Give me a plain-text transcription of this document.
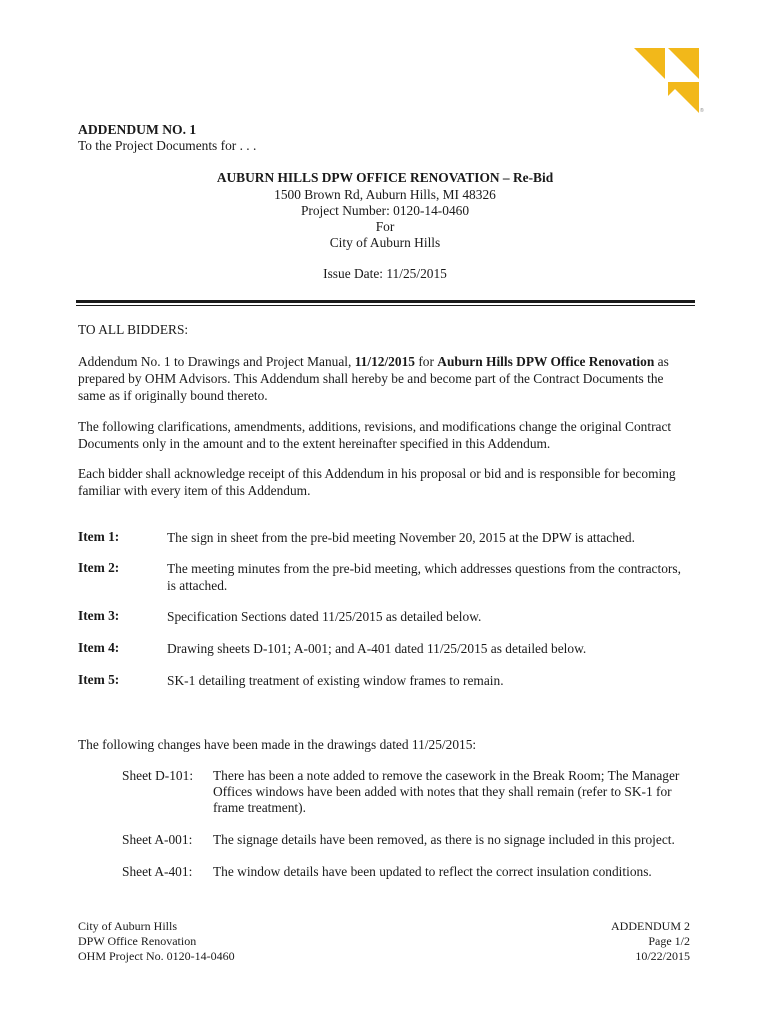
®
ADDENDUM NO. 1
To the Project Documents for . . .
AUBURN HILLS DPW OFFICE RENOVATION – Re-Bid
1500 Brown Rd, Auburn Hills, MI 48326
Project Number: 0120-14-0460
For
City of Auburn Hills
Issue Date: 11/25/2015
TO ALL BIDDERS:
Addendum No. 1 to Drawings and Project Manual, 11/12/2015 for Auburn Hills DPW Office Renovation as prepared by OHM Advisors. This Addendum shall hereby be and become part of the Contract Documents the same as if originally bound thereto.
The following clarifications, amendments, additions, revisions, and modifications change the original Contract Documents only in the amount and to the extent hereinafter specified in this Addendum.
Each bidder shall acknowledge receipt of this Addendum in his proposal or bid and is responsible for becoming familiar with every item of this Addendum.
Item 1:	The sign in sheet from the pre-bid meeting November 20, 2015 at the DPW is attached.
Item 2:	The meeting minutes from the pre-bid meeting, which addresses questions from the contractors, is attached.
Item 3:	Specification Sections dated 11/25/2015 as detailed below.
Item 4:	Drawing sheets D-101; A-001; and A-401 dated 11/25/2015 as detailed below.
Item 5:	SK-1 detailing treatment of existing window frames to remain.
The following changes have been made in the drawings dated 11/25/2015:
Sheet D-101: There has been a note added to remove the casework in the Break Room; The Manager Offices windows have been added with notes that they shall remain (refer to SK-1 for frame treatment).
Sheet A-001: The signage details have been removed, as there is no signage included in this project.
Sheet A-401: The window details have been updated to reflect the correct insulation conditions.
City of Auburn Hills
DPW Office Renovation
OHM Project No. 0120-14-0460
ADDENDUM 2
Page 1/2
10/22/2015
